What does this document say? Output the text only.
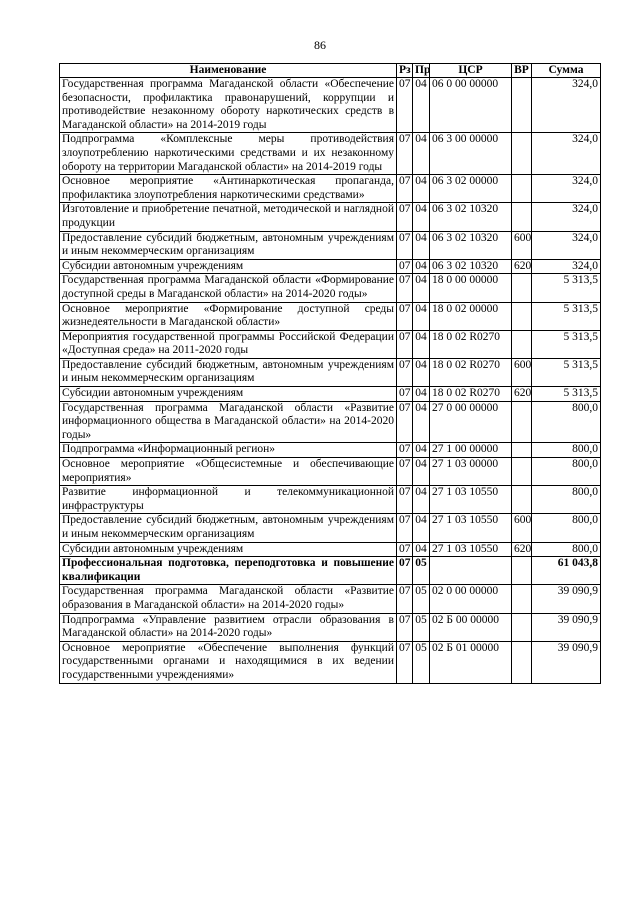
86
Наименование	Рз	Пр	ЦСР	ВР	Сумма
Государственная программа Магаданской области «Обеспечение безопасности, профилактика правонарушений, коррупции и противодействие незаконному обороту наркотических средств в Магаданской области» на 2014-2019 годы	07	04	06 0 00 00000		324,0
Подпрограмма «Комплексные меры противодействия злоупотреблению наркотическими средствами и их незаконному обороту на территории Магаданской области» на 2014-2019 годы	07	04	06 3 00 00000		324,0
Основное мероприятие «Антинаркотическая пропаганда, профилактика злоупотребления наркотическими средствами»	07	04	06 3 02 00000		324,0
Изготовление и приобретение печатной, методической и наглядной продукции	07	04	06 3 02 10320		324,0
Предоставление субсидий бюджетным, автономным учреждениям и иным некоммерческим организациям	07	04	06 3 02 10320	600	324,0
Субсидии автономным учреждениям	07	04	06 3 02 10320	620	324,0
Государственная программа Магаданской области «Формирование доступной среды в Магаданской области» на 2014-2020 годы»	07	04	18 0 00 00000		5 313,5
Основное мероприятие «Формирование доступной среды жизнедеятельности в Магаданской области»	07	04	18 0 02 00000		5 313,5
Мероприятия государственной программы Российской Федерации «Доступная среда» на 2011-2020 годы	07	04	18 0 02 R0270		5 313,5
Предоставление субсидий бюджетным, автономным учреждениям и иным некоммерческим организациям	07	04	18 0 02 R0270	600	5 313,5
Субсидии автономным учреждениям	07	04	18 0 02 R0270	620	5 313,5
Государственная программа Магаданской области «Развитие информационного общества в Магаданской области» на 2014-2020 годы»	07	04	27 0 00 00000		800,0
Подпрограмма «Информационный регион»	07	04	27 1 00 00000		800,0
Основное мероприятие «Общесистемные и обеспечивающие мероприятия»	07	04	27 1 03 00000		800,0
Развитие информационной и телекоммуникационной инфраструктуры	07	04	27 1 03 10550		800,0
Предоставление субсидий бюджетным, автономным учреждениям и иным некоммерческим организациям	07	04	27 1 03 10550	600	800,0
Субсидии автономным учреждениям	07	04	27 1 03 10550	620	800,0
Профессиональная подготовка, переподготовка и повышение квалификации	07	05			61 043,8
Государственная программа Магаданской области «Развитие образования в Магаданской области» на 2014-2020 годы»	07	05	02 0 00 00000		39 090,9
Подпрограмма «Управление развитием отрасли образования в Магаданской области» на 2014-2020 годы»	07	05	02 Б 00 00000		39 090,9
Основное мероприятие «Обеспечение выполнения функций государственными органами и находящимися в их ведении государственными учреждениями»	07	05	02 Б 01 00000		39 090,9
